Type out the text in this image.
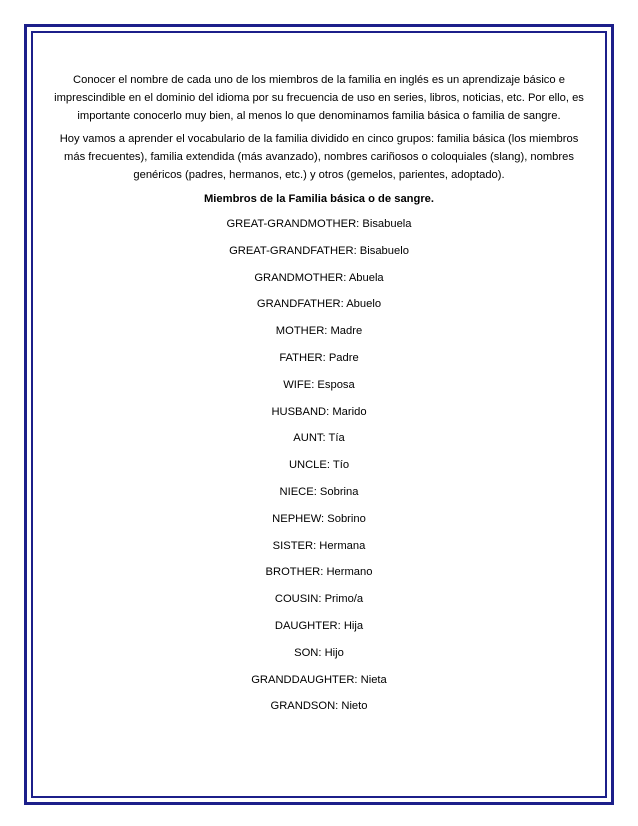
Conocer el nombre de cada uno de los miembros de la familia en inglés es un aprendizaje básico e imprescindible en el dominio del idioma por su frecuencia de uso en series, libros, noticias, etc. Por ello, es importante conocerlo muy bien, al menos lo que denominamos familia básica o familia de sangre.

Hoy vamos a aprender el vocabulario de la familia dividido en cinco grupos: familia básica (los miembros más frecuentes), familia extendida (más avanzado), nombres cariñosos o coloquiales (slang), nombres genéricos (padres, hermanos, etc.) y otros (gemelos, parientes, adoptado).

Miembros de la Familia básica o de sangre.
GREAT-GRANDMOTHER: Bisabuela
GREAT-GRANDFATHER: Bisabuelo
GRANDMOTHER: Abuela
GRANDFATHER: Abuelo
MOTHER: Madre
FATHER: Padre
WIFE: Esposa
HUSBAND: Marido
AUNT: Tía
UNCLE: Tío
NIECE: Sobrina
NEPHEW: Sobrino
SISTER: Hermana
BROTHER: Hermano
COUSIN: Primo/a
DAUGHTER: Hija
SON: Hijo
GRANDDAUGHTER: Nieta
GRANDSON: Nieto
